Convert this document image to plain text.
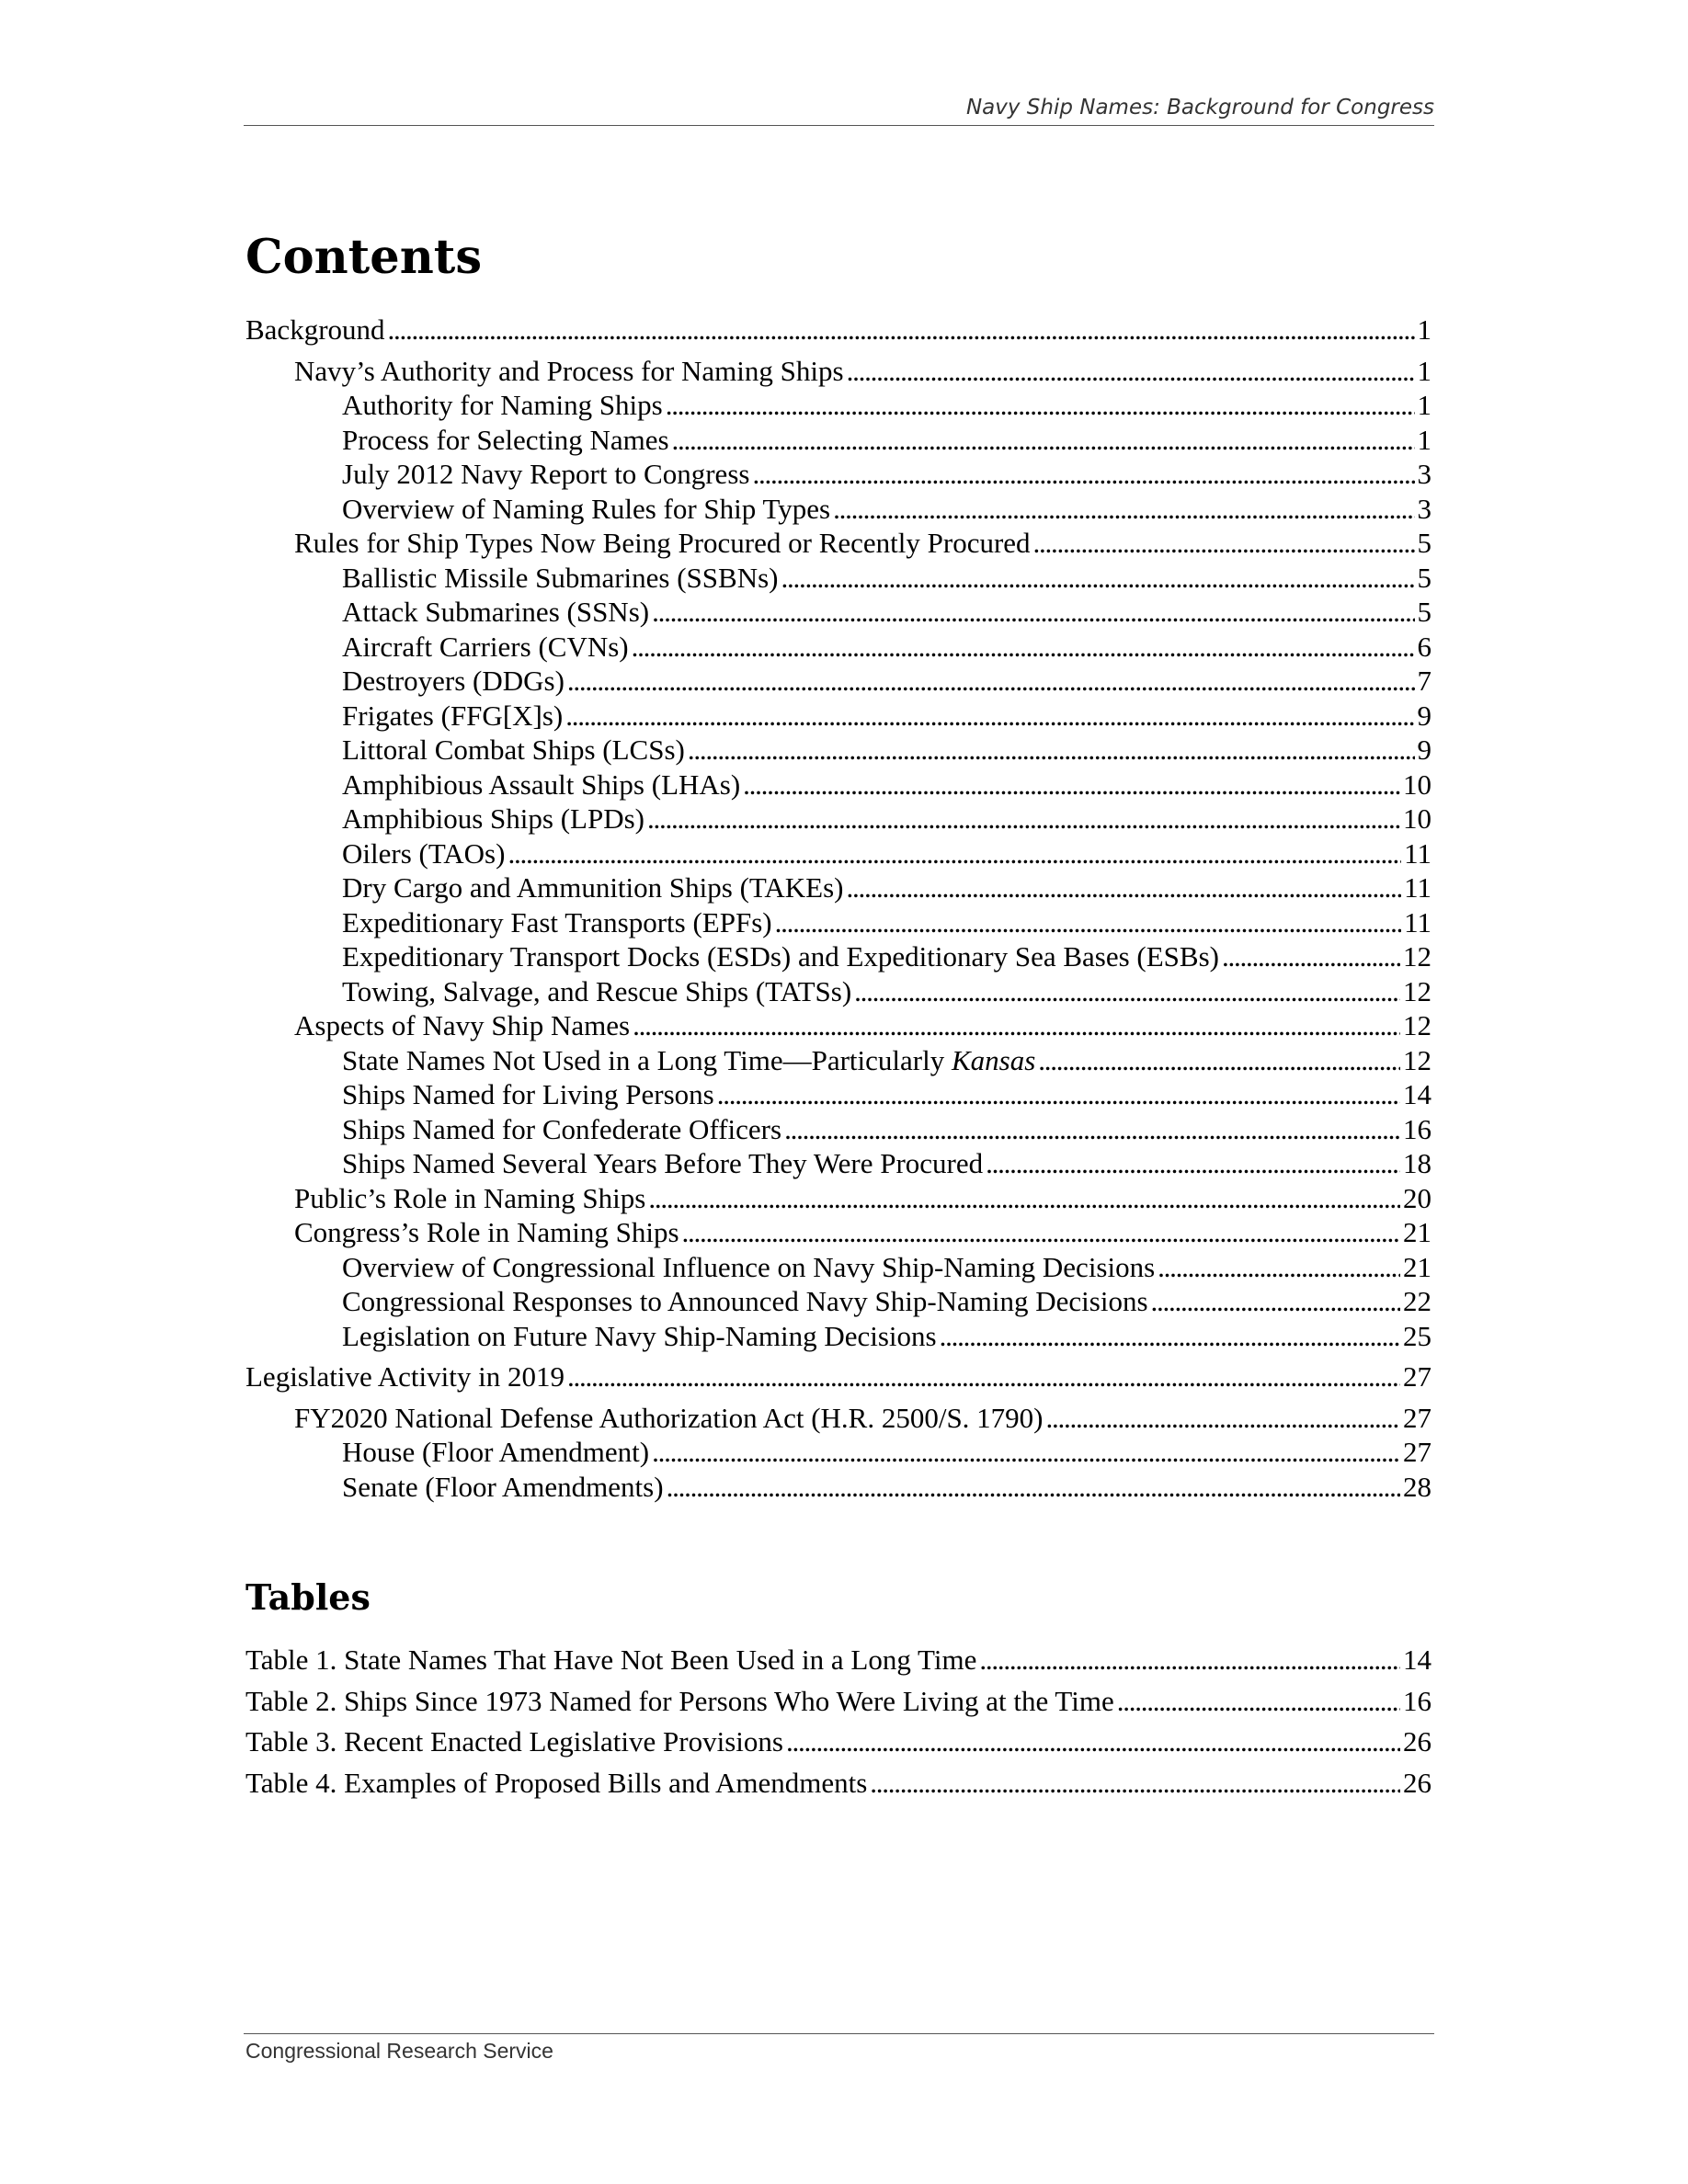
Navy Ship Names: Background for Congress
Contents
Background . . .	1
Navy’s Authority and Process for Naming Ships . . .	1
Authority for Naming Ships . . .	1
Process for Selecting Names . . .	1
July 2012 Navy Report to Congress . . .	3
Overview of Naming Rules for Ship Types . . .	3
Rules for Ship Types Now Being Procured or Recently Procured . . .	5
Ballistic Missile Submarines (SSBNs) . . .	5
Attack Submarines (SSNs) . . .	5
Aircraft Carriers (CVNs) . . .	6
Destroyers (DDGs) . . .	7
Frigates (FFG[X]s) . . .	9
Littoral Combat Ships (LCSs) . . .	9
Amphibious Assault Ships (LHAs) . . .	10
Amphibious Ships (LPDs) . . .	10
Oilers (TAOs) . . .	11
Dry Cargo and Ammunition Ships (TAKEs) . . .	11
Expeditionary Fast Transports (EPFs) . . .	11
Expeditionary Transport Docks (ESDs) and Expeditionary Sea Bases (ESBs) . . .	12
Towing, Salvage, and Rescue Ships (TATSs) . . .	12
Aspects of Navy Ship Names . . .	12
State Names Not Used in a Long Time—Particularly Kansas . . .	12
Ships Named for Living Persons . . .	14
Ships Named for Confederate Officers . . .	16
Ships Named Several Years Before They Were Procured . . .	18
Public’s Role in Naming Ships . . .	20
Congress’s Role in Naming Ships . . .	21
Overview of Congressional Influence on Navy Ship-Naming Decisions . . .	21
Congressional Responses to Announced Navy Ship-Naming Decisions . . .	22
Legislation on Future Navy Ship-Naming Decisions . . .	25
Legislative Activity in 2019 . . .	27
FY2020 National Defense Authorization Act (H.R. 2500/S. 1790) . . .	27
House (Floor Amendment) . . .	27
Senate (Floor Amendments) . . .	28
Tables
Table 1. State Names That Have Not Been Used in a Long Time . . .	14
Table 2. Ships Since 1973 Named for Persons Who Were Living at the Time . . .	16
Table 3. Recent Enacted Legislative Provisions . . .	26
Table 4. Examples of Proposed Bills and Amendments . . .	26
Congressional Research Service
